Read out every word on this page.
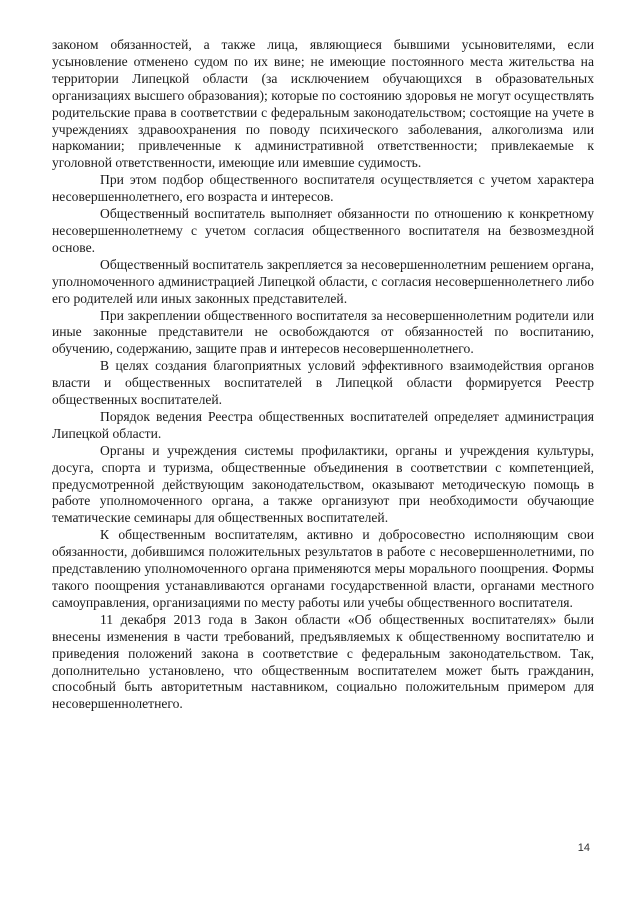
законом обязанностей, а также лица, являющиеся бывшими усыновителями, если усыновление отменено судом по их вине; не имеющие постоянного места жительства на территории Липецкой области (за исключением обучающихся в образовательных организациях высшего образования); которые по состоянию здоровья не могут осуществлять родительские права в соответствии с федеральным законодательством; состоящие на учете в учреждениях здравоохранения по поводу психического заболевания, алкоголизма или наркомании; привлеченные к административной ответственности; привлекаемые к уголовной ответственности, имеющие или имевшие судимость.

При этом подбор общественного воспитателя осуществляется с учетом характера несовершеннолетнего, его возраста и интересов.

Общественный воспитатель выполняет обязанности по отношению к конкретному несовершеннолетнему с учетом согласия общественного воспитателя на безвозмездной основе.

Общественный воспитатель закрепляется за несовершеннолетним решением органа, уполномоченного администрацией Липецкой области, с согласия несовершеннолетнего либо его родителей или иных законных представителей.

При закреплении общественного воспитателя за несовершеннолетним родители или иные законные представители не освобождаются от обязанностей по воспитанию, обучению, содержанию, защите прав и интересов несовершеннолетнего.

В целях создания благоприятных условий эффективного взаимодействия органов власти и общественных воспитателей в Липецкой области формируется Реестр общественных воспитателей.

Порядок ведения Реестра общественных воспитателей определяет администрация Липецкой области.

Органы и учреждения системы профилактики, органы и учреждения культуры, досуга, спорта и туризма, общественные объединения в соответствии с компетенцией, предусмотренной действующим законодательством, оказывают методическую помощь в работе уполномоченного органа, а также организуют при необходимости обучающие тематические семинары для общественных воспитателей.

К общественным воспитателям, активно и добросовестно исполняющим свои обязанности, добившимся положительных результатов в работе с несовершеннолетними, по представлению уполномоченного органа применяются меры морального поощрения. Формы такого поощрения устанавливаются органами государственной власти, органами местного самоуправления, организациями по месту работы или учебы общественного воспитателя.

11 декабря 2013 года в Закон области «Об общественных воспитателях» были внесены изменения в части требований, предъявляемых к общественному воспитателю и приведения положений закона в соответствие с федеральным законодательством. Так, дополнительно установлено, что общественным воспитателем может быть гражданин, способный быть авторитетным наставником, социально положительным примером для несовершеннолетнего.

14
